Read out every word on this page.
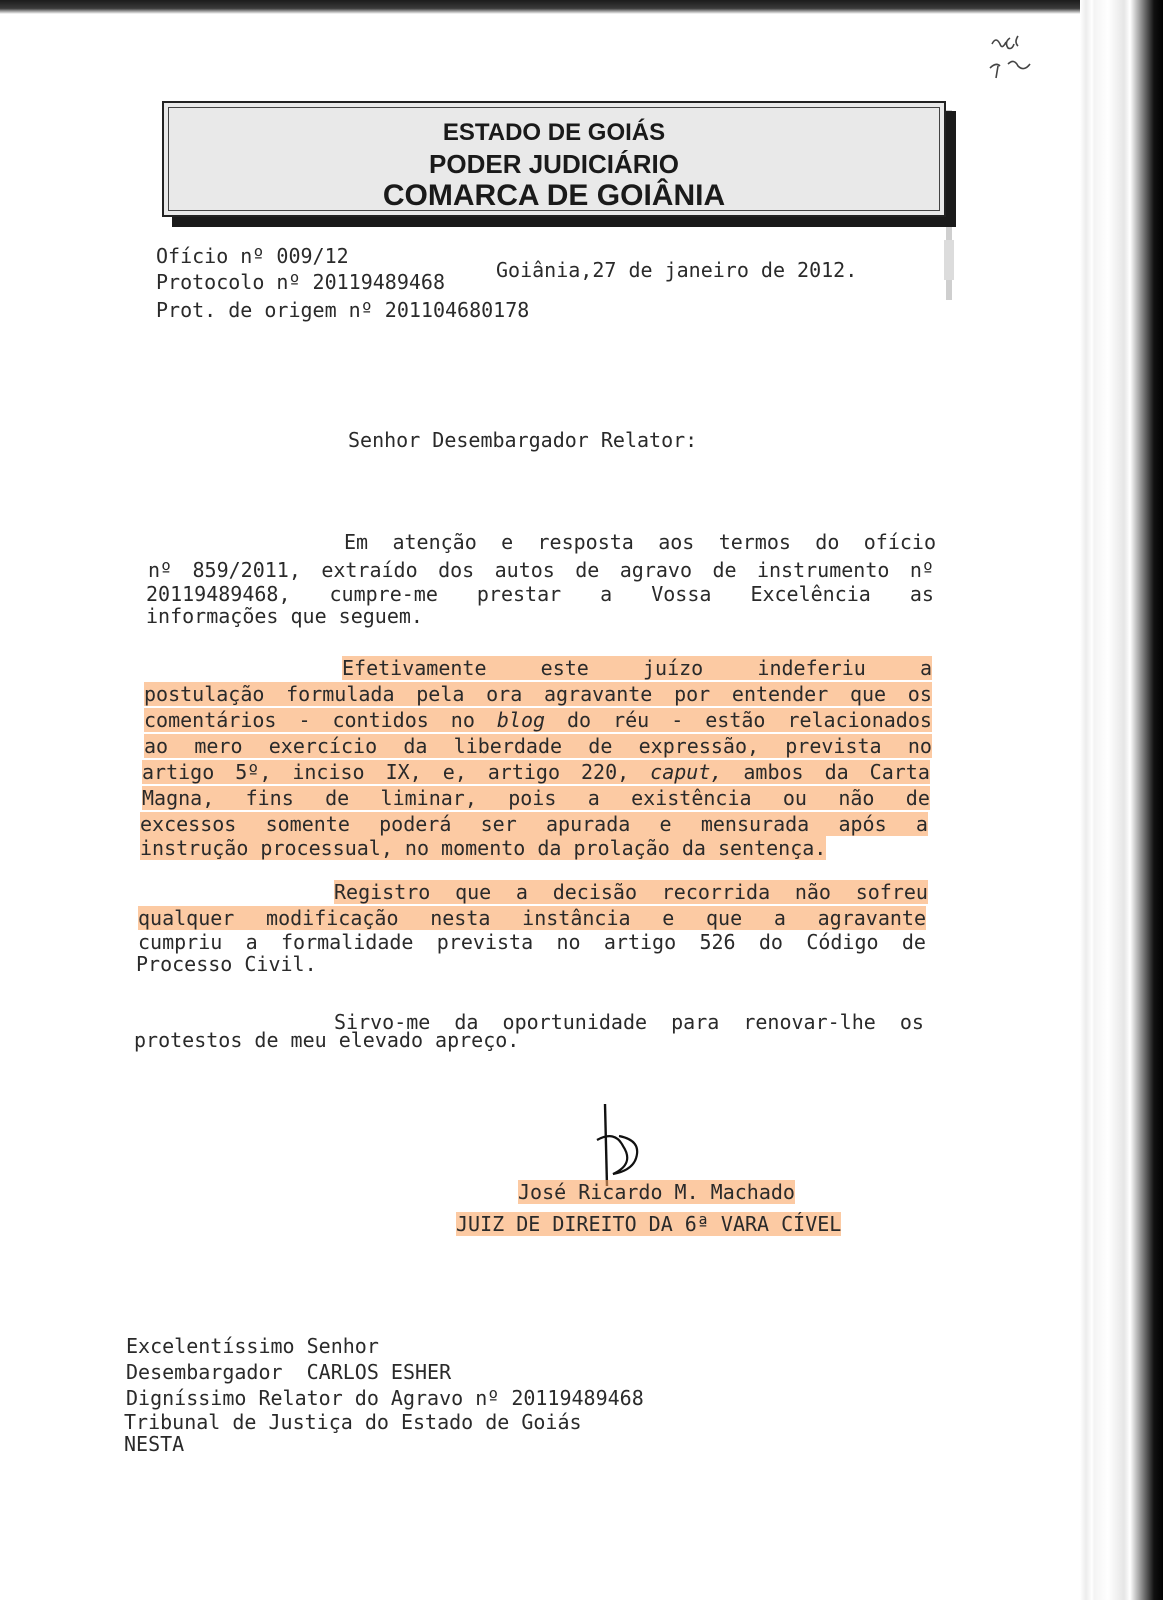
ESTADO DE GOIÁS
PODER JUDICIÁRIO
COMARCA DE GOIÂNIA
Ofício nº 009/12
Protocolo nº 20119489468
Prot. de origem nº 201104680178
Goiânia,27 de janeiro de 2012.
Senhor Desembargador Relator:
Em atenção e resposta aos termos do ofício
nº 859/2011, extraído dos autos de agravo de instrumento nº
20119489468, cumpre-me prestar a Vossa Excelência as
informações que seguem.
Efetivamente	este	juízo	indeferiu	a
postulação formulada pela ora agravante por entender que os
comentários - contidos no blog do réu - estão relacionados
ao mero exercício da liberdade de expressão, prevista no
artigo 5º, inciso IX, e, artigo 220, caput, ambos da Carta
Magna, fins de liminar, pois a existência ou não de
excessos somente poderá ser apurada e mensurada após a
instrução processual, no momento da prolação da sentença.
Registro que a decisão recorrida não sofreu
qualquer modificação nesta instância e que a agravante
cumpriu a formalidade prevista no artigo 526 do Código de
Processo Civil.
Sirvo-me da oportunidade para renovar-lhe os
protestos de meu elevado apreço.
José Ricardo M. Machado
JUIZ DE DIREITO DA 6ª VARA CÍVEL
Excelentíssimo Senhor
Desembargador  CARLOS ESHER
Digníssimo Relator do Agravo nº 20119489468
Tribunal de Justiça do Estado de Goiás
NESTA
